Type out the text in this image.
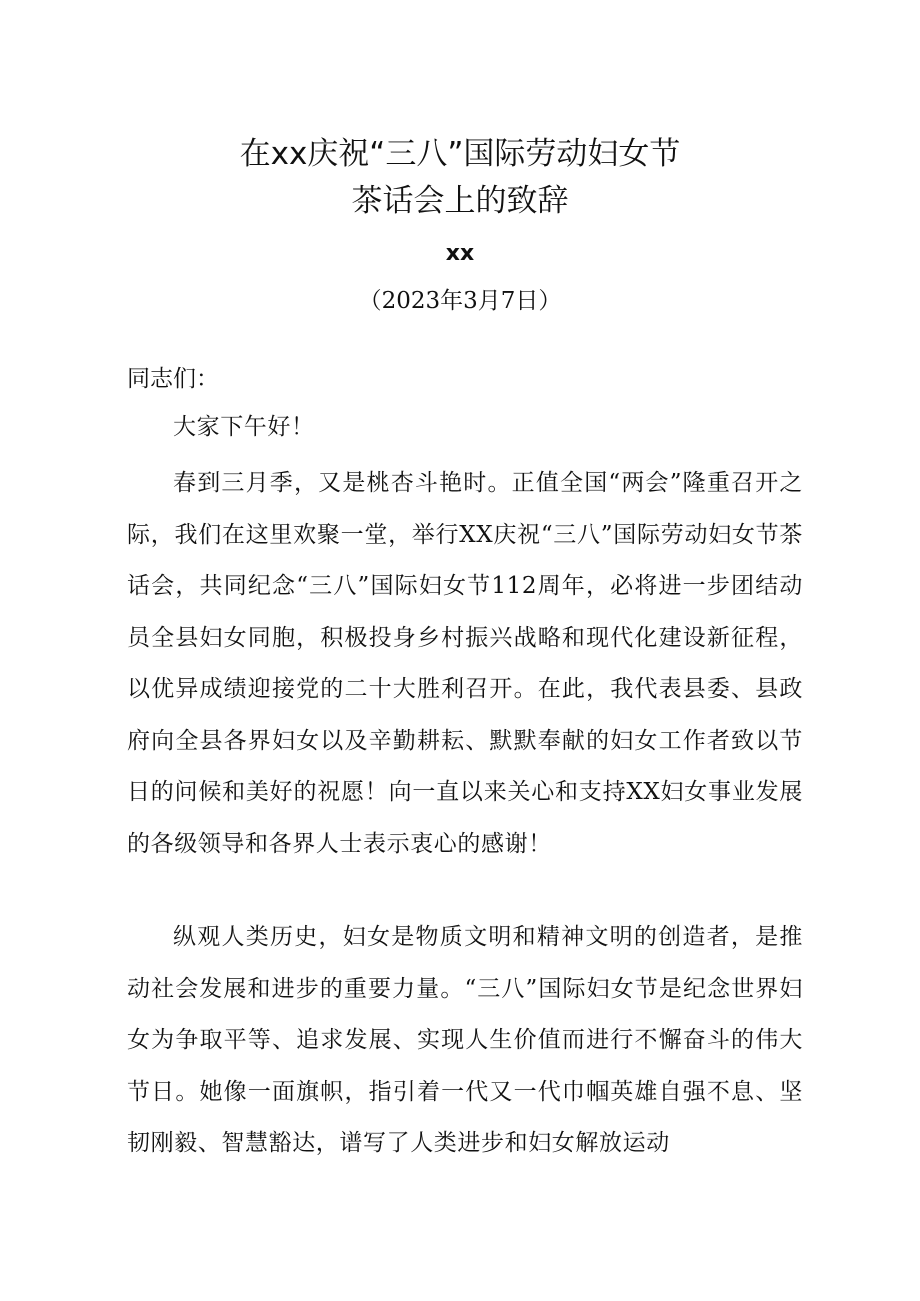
在xx庆祝“三八”国际劳动妇女节
茶话会上的致辞
xx
（2023年3月7日）
同志们：

大家下午好！

春到三月季，又是桃杏斗艳时。正值全国“两会”隆重召开之际，我们在这里欢聚一堂，举行XX庆祝“三八”国际劳动妇女节茶话会，共同纪念“三八”国际妇女节112周年，必将进一步团结动员全县妇女同胞，积极投身乡村振兴战略和现代化建设新征程，以优异成绩迎接党的二十大胜利召开。在此，我代表县委、县政府向全县各界妇女以及辛勤耕耘、默默奉献的妇女工作者致以节日的问候和美好的祝愿！向一直以来关心和支持XX妇女事业发展的各级领导和各界人士表示衷心的感谢！

纵观人类历史，妇女是物质文明和精神文明的创造者，是推动社会发展和进步的重要力量。“三八”国际妇女节是纪念世界妇女为争取平等、追求发展、实现人生价值而进行不懈奋斗的伟大节日。她像一面旗帜，指引着一代又一代巾帼英雄自强不息、坚韧刚毅、智慧豁达，谱写了人类进步和妇女解放运动
